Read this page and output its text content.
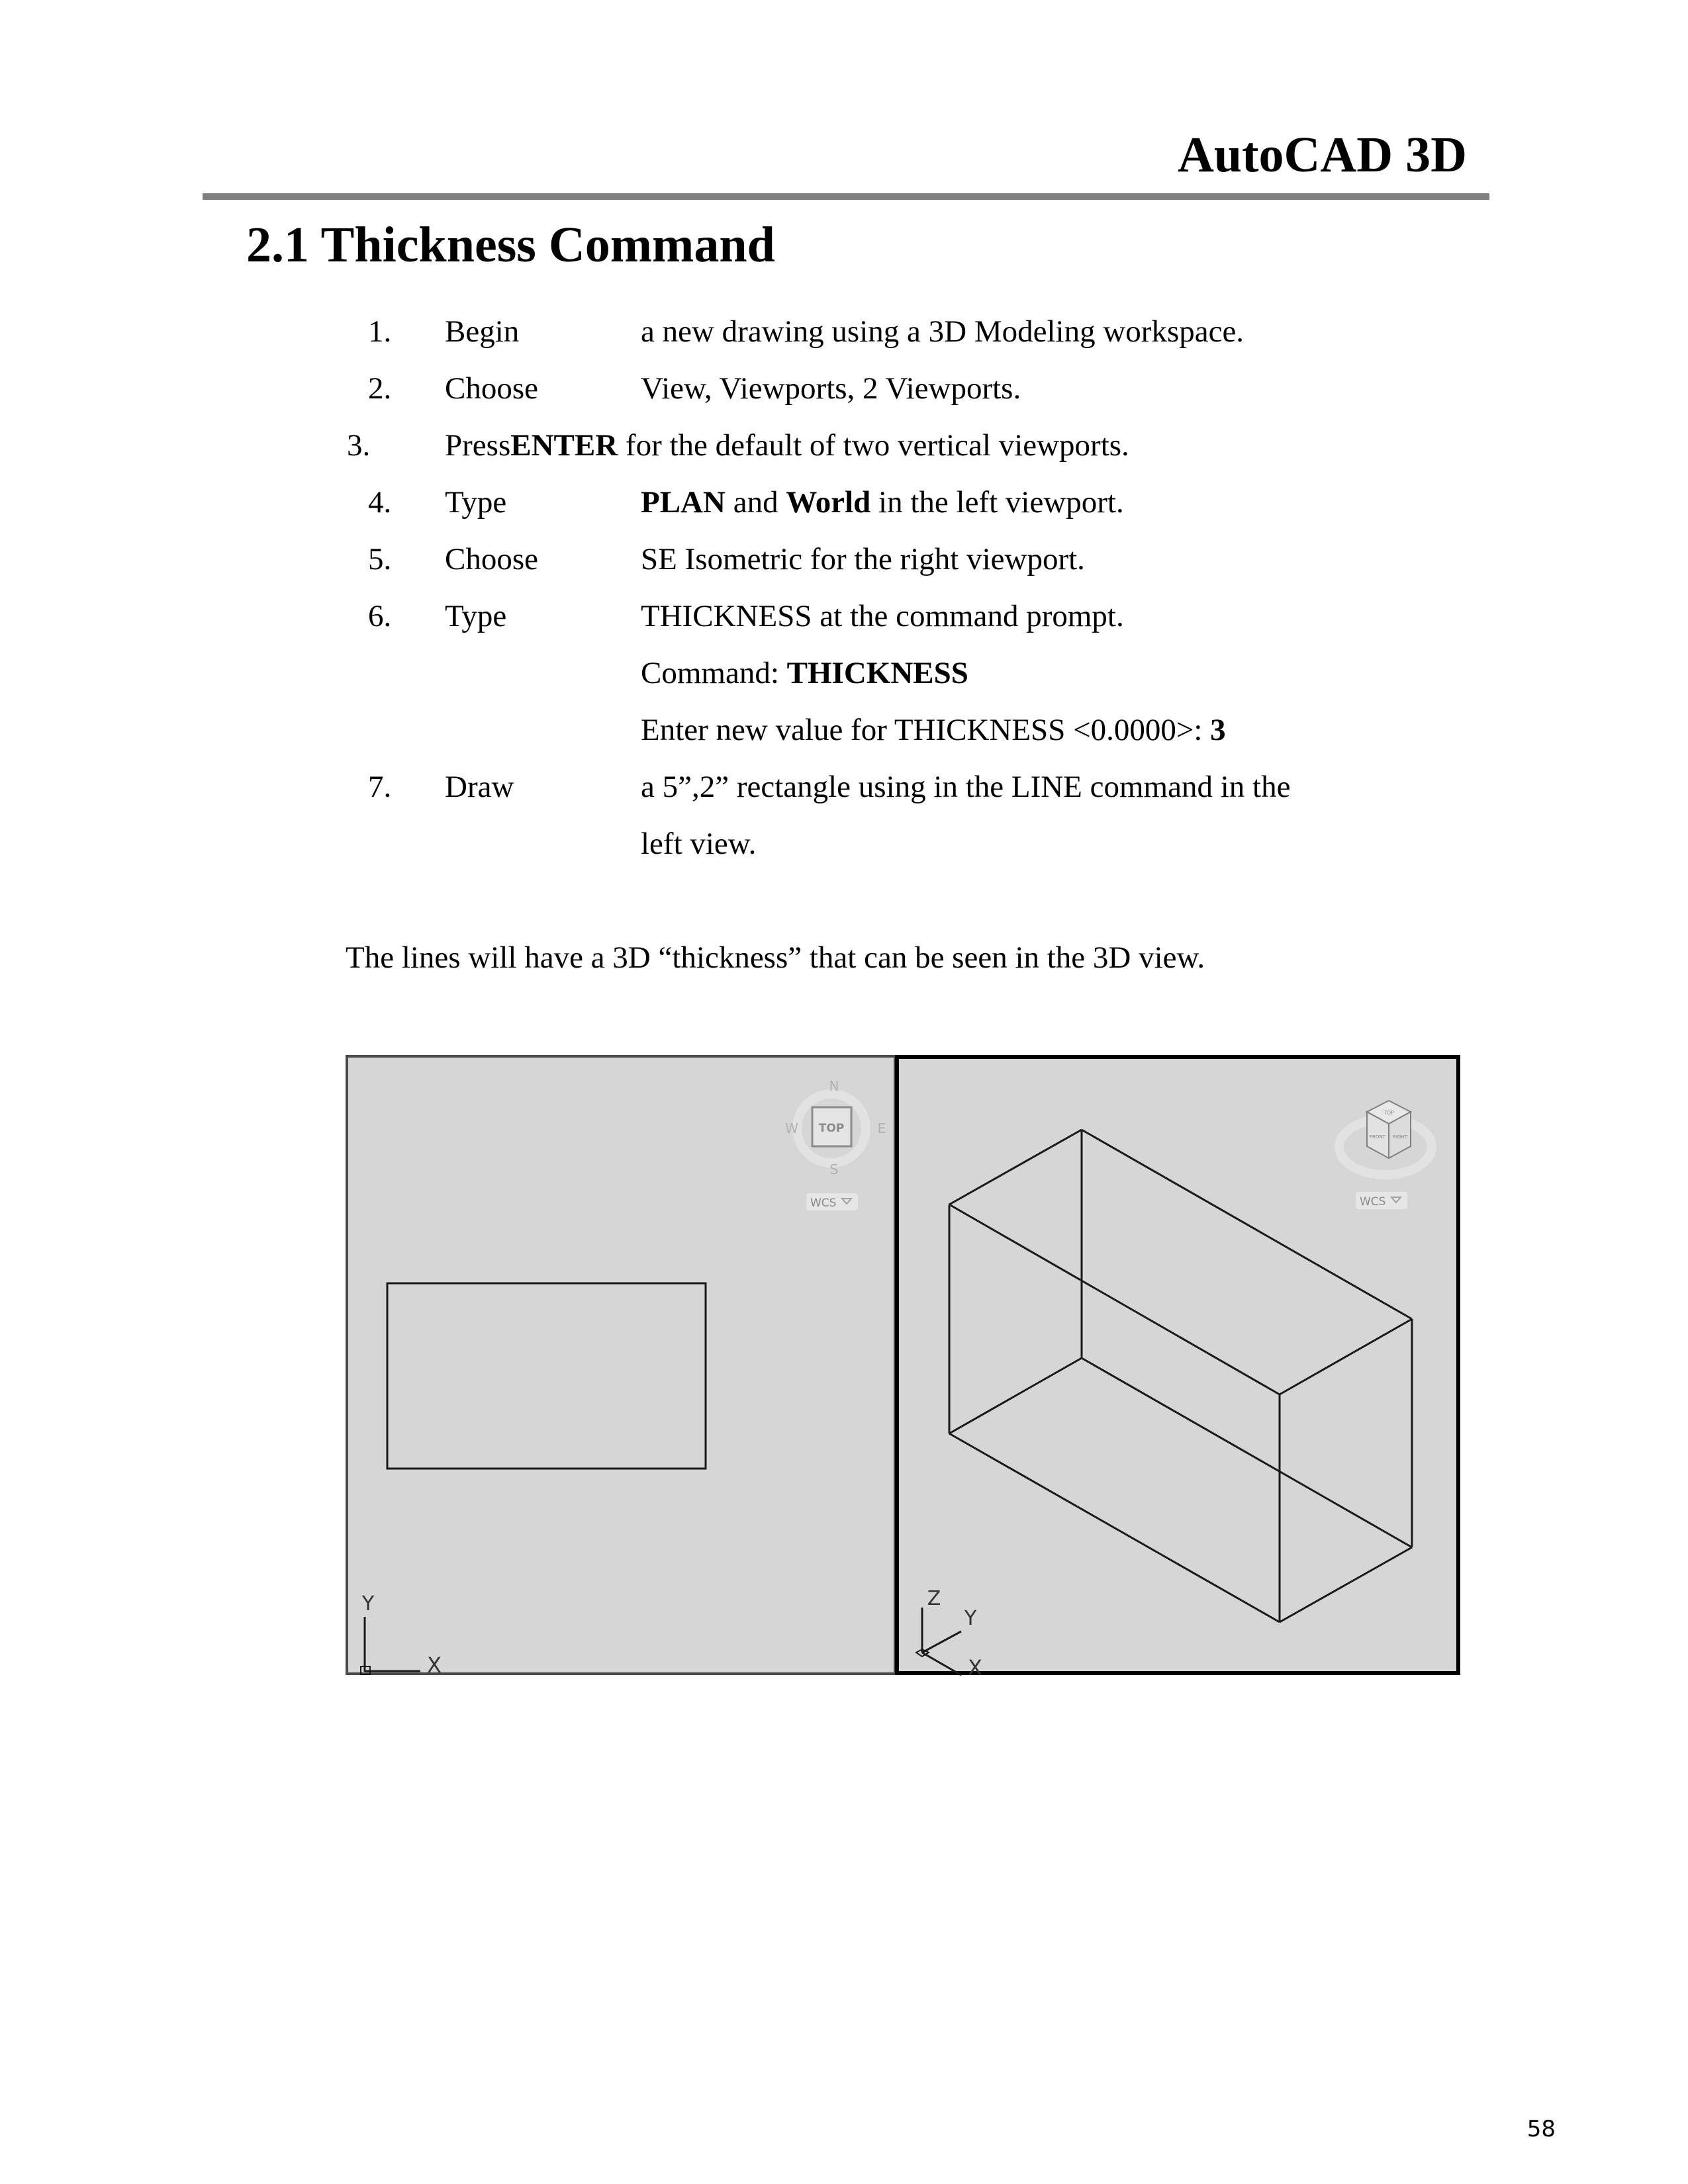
AutoCAD 3D
2.1 Thickness Command
1. Begin	a new drawing using a 3D Modeling workspace.
2. Choose	View, Viewports, 2 Viewports.
3. PressENTER for the default of two vertical viewports.
4. Type	PLAN and World in the left viewport.
5. Choose	SE Isometric for the right viewport.
6. Type	THICKNESS at the command prompt.
Command: THICKNESS
Enter new value for THICKNESS <0.0000>: 3
7. Draw	a 5”,2” rectangle using in the LINE command in the
left view.
The lines will have a 3D “thickness” that can be seen in the 3D view.
TOP
N
E
S
W
WCS
Y
X
TOP
FRONT RIGHT
WCS
Z
Y
X
58
